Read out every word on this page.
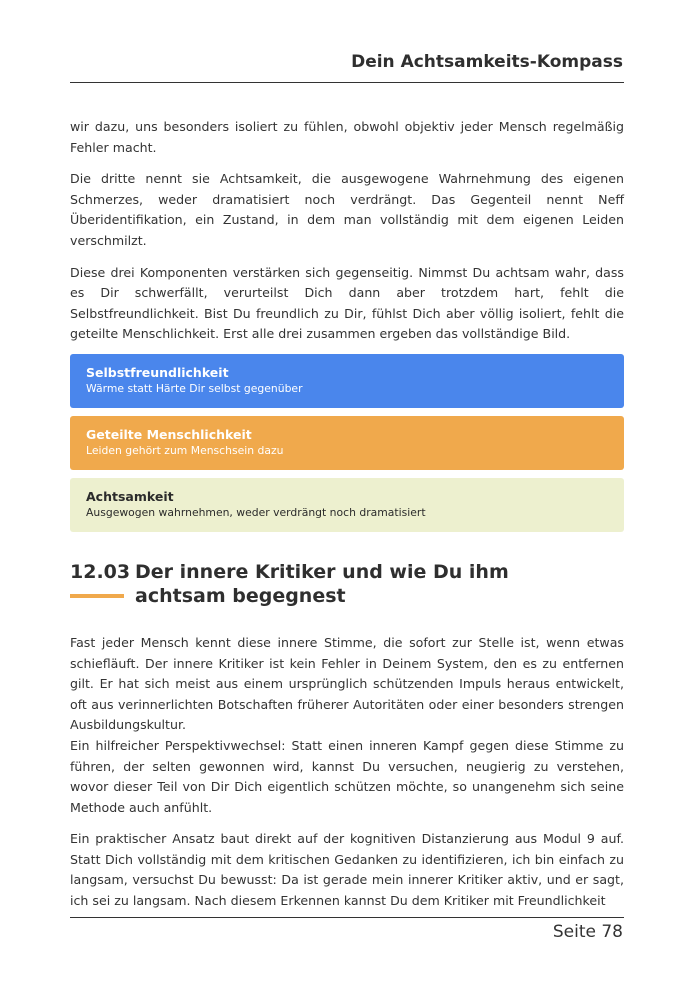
Dein Achtsamkeits-Kompass

wir dazu, uns besonders isoliert zu fühlen, obwohl objektiv jeder Mensch regelmäßig Fehler macht.

Die dritte nennt sie Achtsamkeit, die ausgewogene Wahrnehmung des eigenen Schmerzes, weder dramatisiert noch verdrängt. Das Gegenteil nennt Neff Überidentifikation, ein Zustand, in dem man vollständig mit dem eigenen Leiden verschmilzt.

Diese drei Komponenten verstärken sich gegenseitig. Nimmst Du achtsam wahr, dass es Dir schwerfällt, verurteilst Dich dann aber trotzdem hart, fehlt die Selbstfreundlichkeit. Bist Du freundlich zu Dir, fühlst Dich aber völlig isoliert, fehlt die geteilte Menschlichkeit. Erst alle drei zusammen ergeben das vollständige Bild.

Selbstfreundlichkeit
Wärme statt Härte Dir selbst gegenüber
Geteilte Menschlichkeit
Leiden gehört zum Menschsein dazu
Achtsamkeit
Ausgewogen wahrnehmen, weder verdrängt noch dramatisiert
12.03 Der innere Kritiker und wie Du ihm achtsam begegnest

Fast jeder Mensch kennt diese innere Stimme, die sofort zur Stelle ist, wenn etwas schiefläuft. Der innere Kritiker ist kein Fehler in Deinem System, den es zu entfernen gilt. Er hat sich meist aus einem ursprünglich schützenden Impuls heraus entwickelt, oft aus verinnerlichten Botschaften früherer Autoritäten oder einer besonders strengen Ausbildungskultur.

Ein hilfreicher Perspektivwechsel: Statt einen inneren Kampf gegen diese Stimme zu führen, der selten gewonnen wird, kannst Du versuchen, neugierig zu verstehen, wovor dieser Teil von Dir Dich eigentlich schützen möchte, so unangenehm sich seine Methode auch anfühlt.

Ein praktischer Ansatz baut direkt auf der kognitiven Distanzierung aus Modul 9 auf. Statt Dich vollständig mit dem kritischen Gedanken zu identifizieren, ich bin einfach zu langsam, versuchst Du bewusst: Da ist gerade mein innerer Kritiker aktiv, und er sagt, ich sei zu langsam. Nach diesem Erkennen kannst Du dem Kritiker mit Freundlichkeit

Seite 78
